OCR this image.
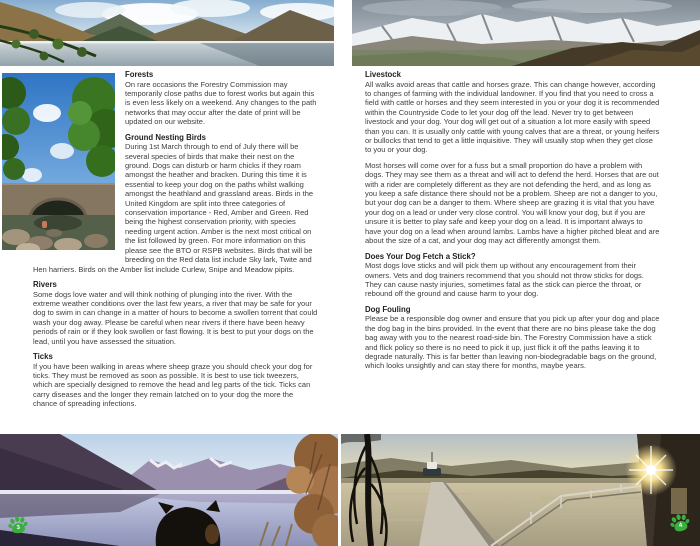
Forests

On rare occasions the Forestry Commission may temporarily close paths due to forest works but again this is even less likely on a weekend. Any changes to the path networks that may occur after the date of print will be updated on our website.

Ground Nesting Birds

During 1st March through to end of July there will be several species of birds that make their nest on the ground. Dogs can disturb or harm chicks if they roam amongst the heather and bracken. During this time it is essential to keep your dog on the paths whilst walking amongst the heathland and grassland areas. Birds in the United Kingdom are split into three categories of conservation importance - Red, Amber and Green. Red being the highest conservation priority, with species needing urgent action. Amber is the next most critical on the list followed by green. For more information on this please see the BTO or RSPB websites. Birds that will be breeding on the Red data list include Sky lark, Twite and Hen harriers. Birds on the Amber list include Curlew, Snipe and Meadow pipits.

Rivers

Some dogs love water and will think nothing of plunging into the river. With the extreme weather conditions over the last few years, a river that may be safe for your dog to swim in can change in a matter of hours to become a swollen torrent that could wash your dog away. Please be careful when near rivers if there have been heavy periods of rain or if they look swollen or fast flowing. It is best to put your dogs on the lead, until you have assessed the situation.

Ticks

If you have been walking in areas where sheep graze you should check your dog for ticks. They must be removed as soon as possible. It is best to use tick tweezers, which are specially designed to remove the head and leg parts of the tick. Ticks can carry diseases and the longer they remain latched on to your dog the more the chance of spreading infections.

Livestock

All walks avoid areas that cattle and horses graze. This can change however, according to changes of farming with the individual landowner. If you find that you need to cross a field with cattle or horses and they seem interested in you or your dog it is recommended within the Countryside Code to let your dog off the lead. Never try to get between livestock and your dog. Your dog will get out of a situation a lot more easily with speed than you can. It is usually only cattle with young calves that are a threat, or young heifers or bullocks that tend to get a little inquisitive. They will usually stop when they get close to you or your dog.

Most horses will come over for a fuss but a small proportion do have a problem with dogs. They may see them as a threat and will act to defend the herd. Horses that are out with a rider are completely different as they are not defending the herd, and as long as you keep a safe distance there should not be a problem. Sheep are not a danger to you, but your dog can be a danger to them. Where sheep are grazing it is vital that you have your dog on a lead or under very close control. You will know your dog, but if you are unsure it is better to play safe and keep your dog on a lead. It is important always to have your dog on a lead when around lambs. Lambs have a higher pitched bleat and are about the size of a cat, and your dog may act differently amongst them.

Does Your Dog Fetch a Stick?

Most dogs love sticks and will pick them up without any encouragement from their owners. Vets and dog trainers recommend that you should not throw sticks for dogs. They can cause nasty injuries, sometimes fatal as the stick can pierce the throat, or rebound off the ground and cause harm to your dog.

Dog Fouling

Please be a responsible dog owner and ensure that you pick up after your dog and place the dog bag in the bins provided. In the event that there are no bins please take the dog bag away with you to the nearest road-side bin. The Forestry Commission have a stick and flick policy so there is no need to pick it up, just flick it off the paths leaving it to degrade naturally. This is far better than leaving non-biodegradable bags on the ground, which looks unsightly and can stay there for months, maybe years.

3	4
